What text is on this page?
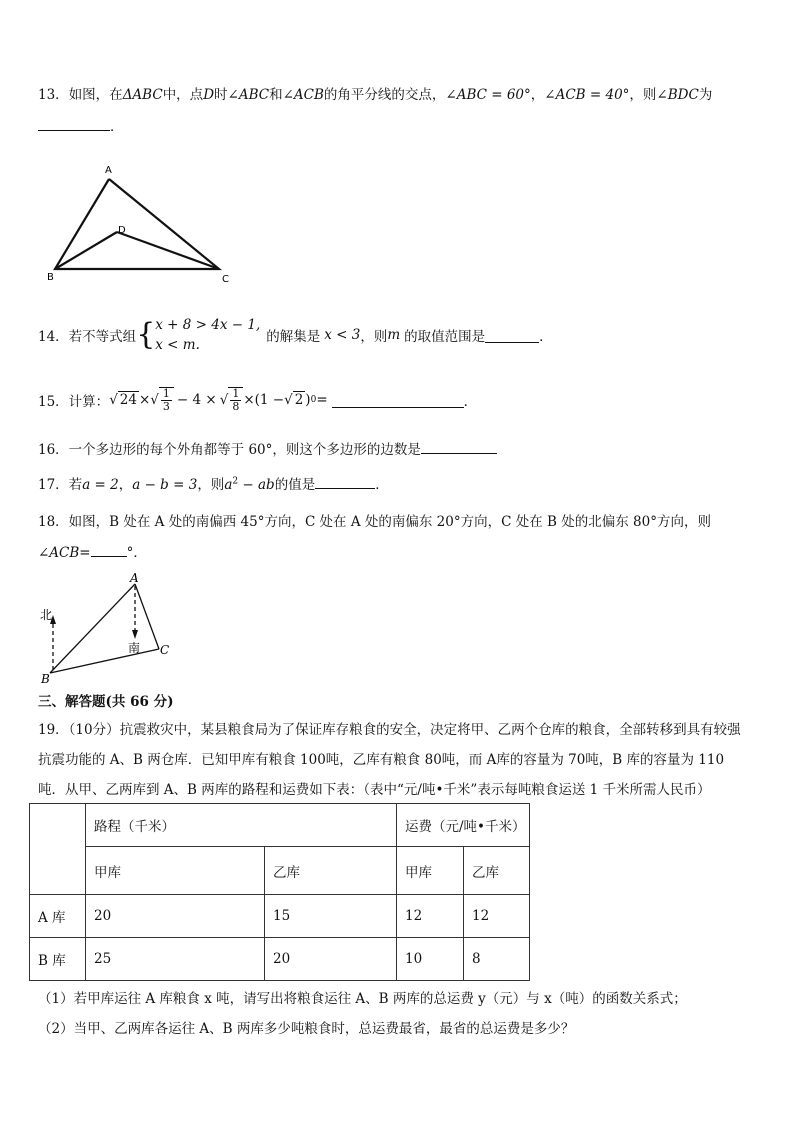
13．如图，在ΔABC中，点D时∠ABC和∠ACB的角平分线的交点，∠ABC = 60°，∠ACB = 40°，则∠BDC为
．
A
B	C
D
14．若不等式组 { x + 8 > 4x − 1,
x < m.	的解集是 x < 3 ，则 m 的取值范围是	．
15．计算： √ 24 × √ $\frac{1}{3} - 4$ × √ $\frac{1}{8} \times(1$ − √ 2 ) 0 =	．
16．一个多边形的每个外角都等于 60°，则这个多边形的边数是
17．若a = 2，a − b = 3，则$a^2$ − ab的值是	．
18．如图，B 处在 A 处的南偏西 45°方向，C 处在 A 处的南偏东 20°方向，C 处在 B 处的北偏东 80°方向，则
∠ACB=	°．
A
B
C
北
南
三、解答题(共 66 分)
19．（10分）抗震救灾中，某县粮食局为了保证库存粮食的安全，决定将甲、乙两个仓库的粮食，全部转移到具有较强
抗震功能的 A、B 两仓库．已知甲库有粮食 100吨，乙库有粮食 80吨，而 A库的容量为 70吨，B 库的容量为 110
吨．从甲、乙两库到 A、B 两库的路程和运费如下表：（表中“元/吨•千米”表示每吨粮食运送 1 千米所需人民币）
	路程（千米）		运费（元/吨•千米）	
	甲库	乙库	甲库	乙库
A 库	20	15	12	12
B 库	25	20	10	8
（1）若甲库运往 A 库粮食 x 吨，请写出将粮食运往 A、B 两库的总运费 y（元）与 x（吨）的函数关系式；
（2）当甲、乙两库各运往 A、B 两库多少吨粮食时，总运费最省，最省的总运费是多少？
